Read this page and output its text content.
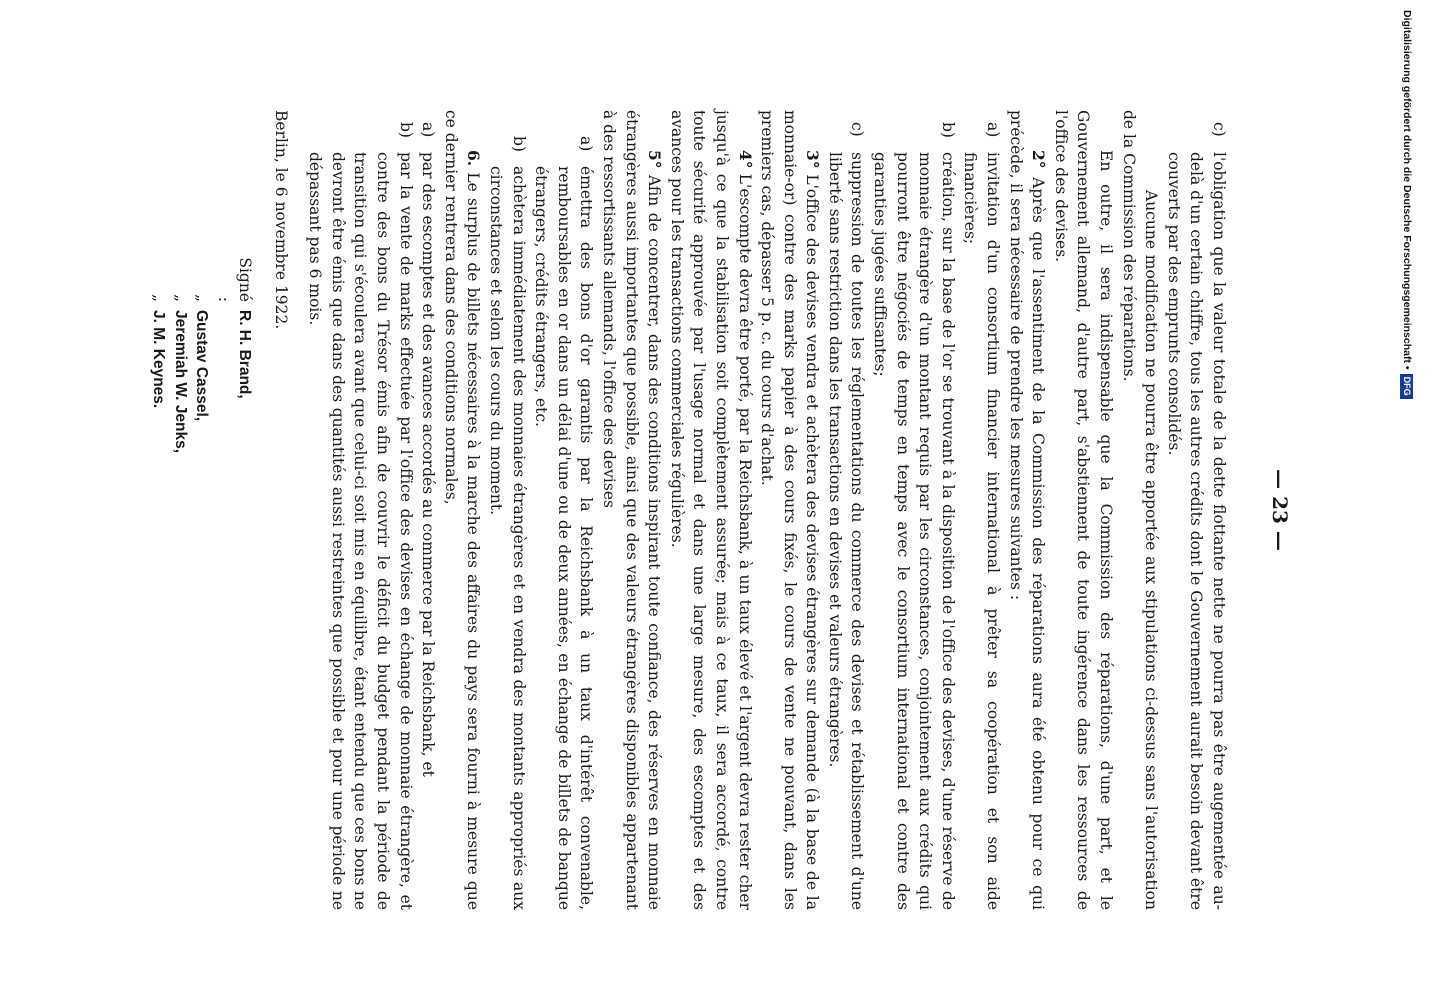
Digitalisierung gefördert durch die Deutsche Forschungsgemeinschaft •
DFG
— 23 —
c)
l'obligation que la valeur totale de la dette flottante nette ne pourra pas être augementée au-delà d'un certain chiffre, tous les autres crédits dont le Gouvernement aurait besoin devant être couverts par des emprunts consolidés.

Aucune modification ne pourra être apportée aux stipulations ci-dessus sans l'autorisation de la Commission des réparations.

En outre, il sera indispensable que la Commission des réparations, d'une part, et le Gouvernement allemand, d'autre part, s'abstiennent de toute ingérence dans les ressources de l'office des devises.

2° Après que l'assentiment de la Commission des réparations aura été obtenu pour ce qui précède, il sera nécessaire de prendre les mesures suivantes :

a)
invitation d'un consortium financier international à prêter sa coopération et son aide financières;
b)
création, sur la base de l'or se trouvant à la disposition de l'office des devises, d'une réserve de monnaie étrangère d'un montant requis par les circonstances, conjointement aux crédits qui pourront être négociés de temps en temps avec le consortium international et contre des garanties jugées suffisantes;
c)
suppression de toutes les réglementations du commerce des devises et rétablissement d'une liberté sans restriction dans les transactions en devises et valeurs étrangères.

3° L'office des devises vendra et achètera des devises étrangères sur demande (à la base de la monnaie-or) contre des marks papier à des cours fixés, le cours de vente ne pouvant, dans les premiers cas, dépasser 5 p. c. du cours d'achat.

4° L'escompte devra être porté, par la Reichsbank, à un taux élevé et l'argent devra rester cher jusqu'à ce que la stabilisation soit complètement assurée; mais à ce taux, il sera accordé, contre toute sécurité approuvée par l'usage normal et dans une large mesure, des escomptes et des avances pour les transactions commerciales régulières.

5° Afin de concentrer, dans des conditions inspirant toute confiance, des réserves en monnaie étrangères aussi importantes que possible, ainsi que des valeurs étrangères disponibles appartenant à des ressortissants allemands, l'office des devises

a)
émettra des bons d'or garantis par la Reichsbank à un taux d'intérêt convenable, remboursables en or dans un délai d'une ou de deux années, en échange de billets de banque étrangers, crédits étrangers, etc.
b)
achètera immédiatement des monnaies étrangères et en vendra des montants appropriés aux circonstances et selon les cours du moment.

6. Le surplus de billets nécessaires à la marche des affaires du pays sera fourni à mesure que ce dernier rentrera dans des conditions normales,

a)
par des escomptes et des avances accordés au commerce par la Reichsbank, et
b)
par la vente de marks effectuée par l'office des devises en échange de monnaie étrangère, et contre des bons du Trésor émis afin de couvrir le déficit du budget pendant la période de transition qui s'écoulera avant que celui-ci soit mis en équilibre, étant entendu que ces bons ne devront être émis que dans des quantités aussi restreintes que possible et pour une période ne dépassant pas 6 mois.
Berlin, le 6 novembre 1922.
Signé :
R. H. Brand,
„
Gustav Cassel,
„
Jeremiah W. Jenks,
„
J. M. Keynes.
